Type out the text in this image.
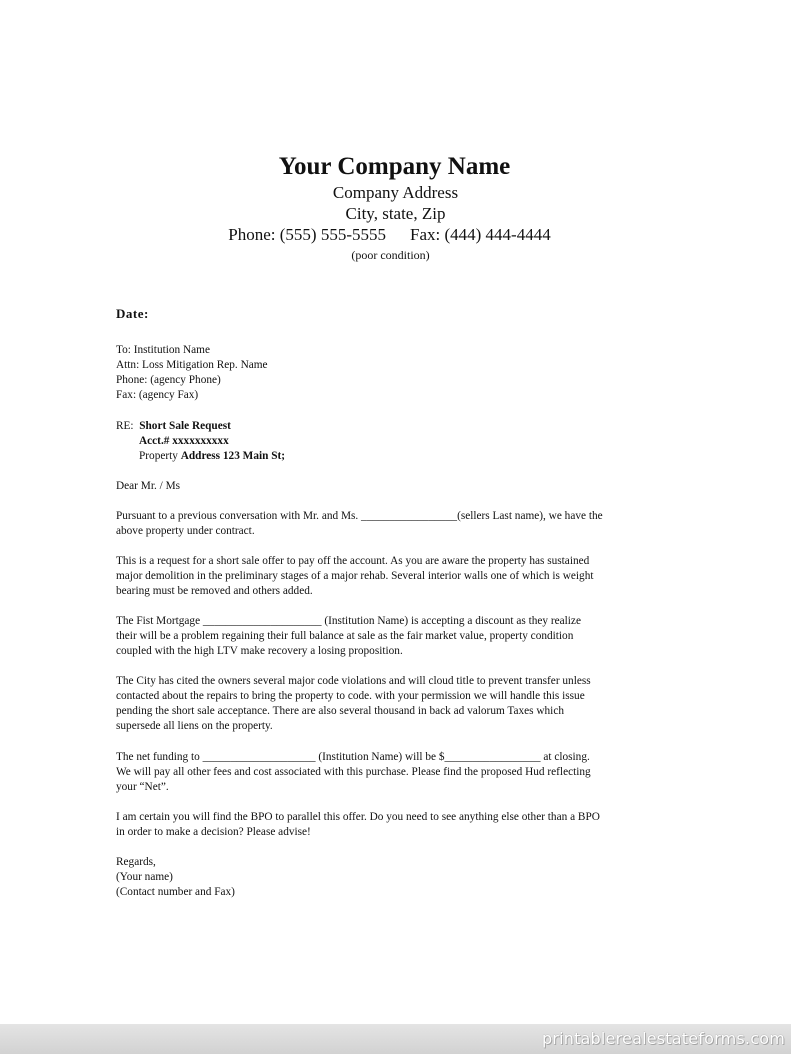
Your Company Name
Company Address
City, state, Zip
Phone: (555) 555-5555 Fax: (444) 444-4444
(poor condition)
Date:
To: Institution Name
Attn: Loss Mitigation Rep. Name
Phone: (agency Phone)
Fax: (agency Fax)
RE: Short Sale Request
Acct.# xxxxxxxxxx
Property Address 123 Main St;
Dear Mr. / Ms
Pursuant to a previous conversation with Mr. and Ms. _________________(sellers Last name), we have the
above property under contract.
This is a request for a short sale offer to pay off the account. As you are aware the property has sustained
major demolition in the preliminary stages of a major rehab. Several interior walls one of which is weight
bearing must be removed and others added.
The Fist Mortgage _____________________ (Institution Name) is accepting a discount as they realize
their will be a problem regaining their full balance at sale as the fair market value, property condition
coupled with the high LTV make recovery a losing proposition.
The City has cited the owners several major code violations and will cloud title to prevent transfer unless
contacted about the repairs to bring the property to code. with your permission we will handle this issue
pending the short sale acceptance. There are also several thousand in back ad valorum Taxes which
supersede all liens on the property.
The net funding to ____________________ (Institution Name) will be $_________________ at closing.
We will pay all other fees and cost associated with this purchase. Please find the proposed Hud reflecting
your “Net”.
I am certain you will find the BPO to parallel this offer. Do you need to see anything else other than a BPO
in order to make a decision? Please advise!
Regards,
(Your name)
(Contact number and Fax)
printablerealestateforms.com
